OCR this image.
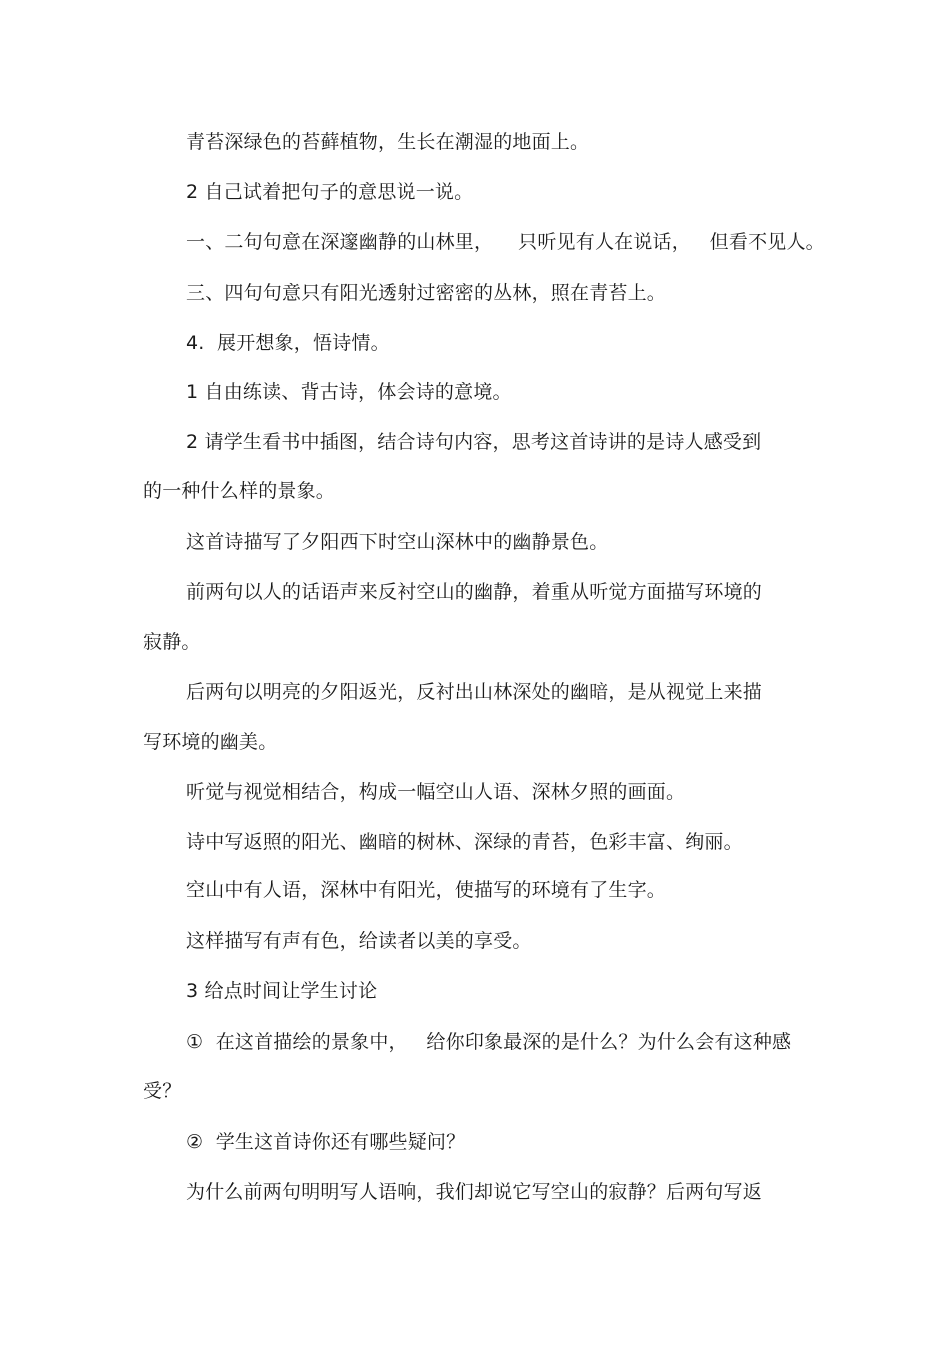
青苔深绿色的苔藓植物，生长在潮湿的地面上。
2 自己试着把句子的意思说一说。
一、二句句意在深邃幽静的山林里，    只听见有人在说话，   但看不见人。
三、四句句意只有阳光透射过密密的丛林，照在青苔上。
4.  展开想象，悟诗情。
1 自由练读、背古诗，体会诗的意境。
2 请学生看书中插图，结合诗句内容，思考这首诗讲的是诗人感受到
的一种什么样的景象。
这首诗描写了夕阳西下时空山深林中的幽静景色。
前两句以人的话语声来反衬空山的幽静，着重从听觉方面描写环境的
寂静。
后两句以明亮的夕阳返光，反衬出山林深处的幽暗，是从视觉上来描
写环境的幽美。
听觉与视觉相结合，构成一幅空山人语、深林夕照的画面。
诗中写返照的阳光、幽暗的树林、深绿的青苔，色彩丰富、绚丽。
空山中有人语，深林中有阳光，使描写的环境有了生字。
这样描写有声有色，给读者以美的享受。
3 给点时间让学生讨论
①  在这首描绘的景象中，   给你印象最深的是什么？为什么会有这种感
受？
②  学生这首诗你还有哪些疑问？
为什么前两句明明写人语响，我们却说它写空山的寂静？后两句写返
